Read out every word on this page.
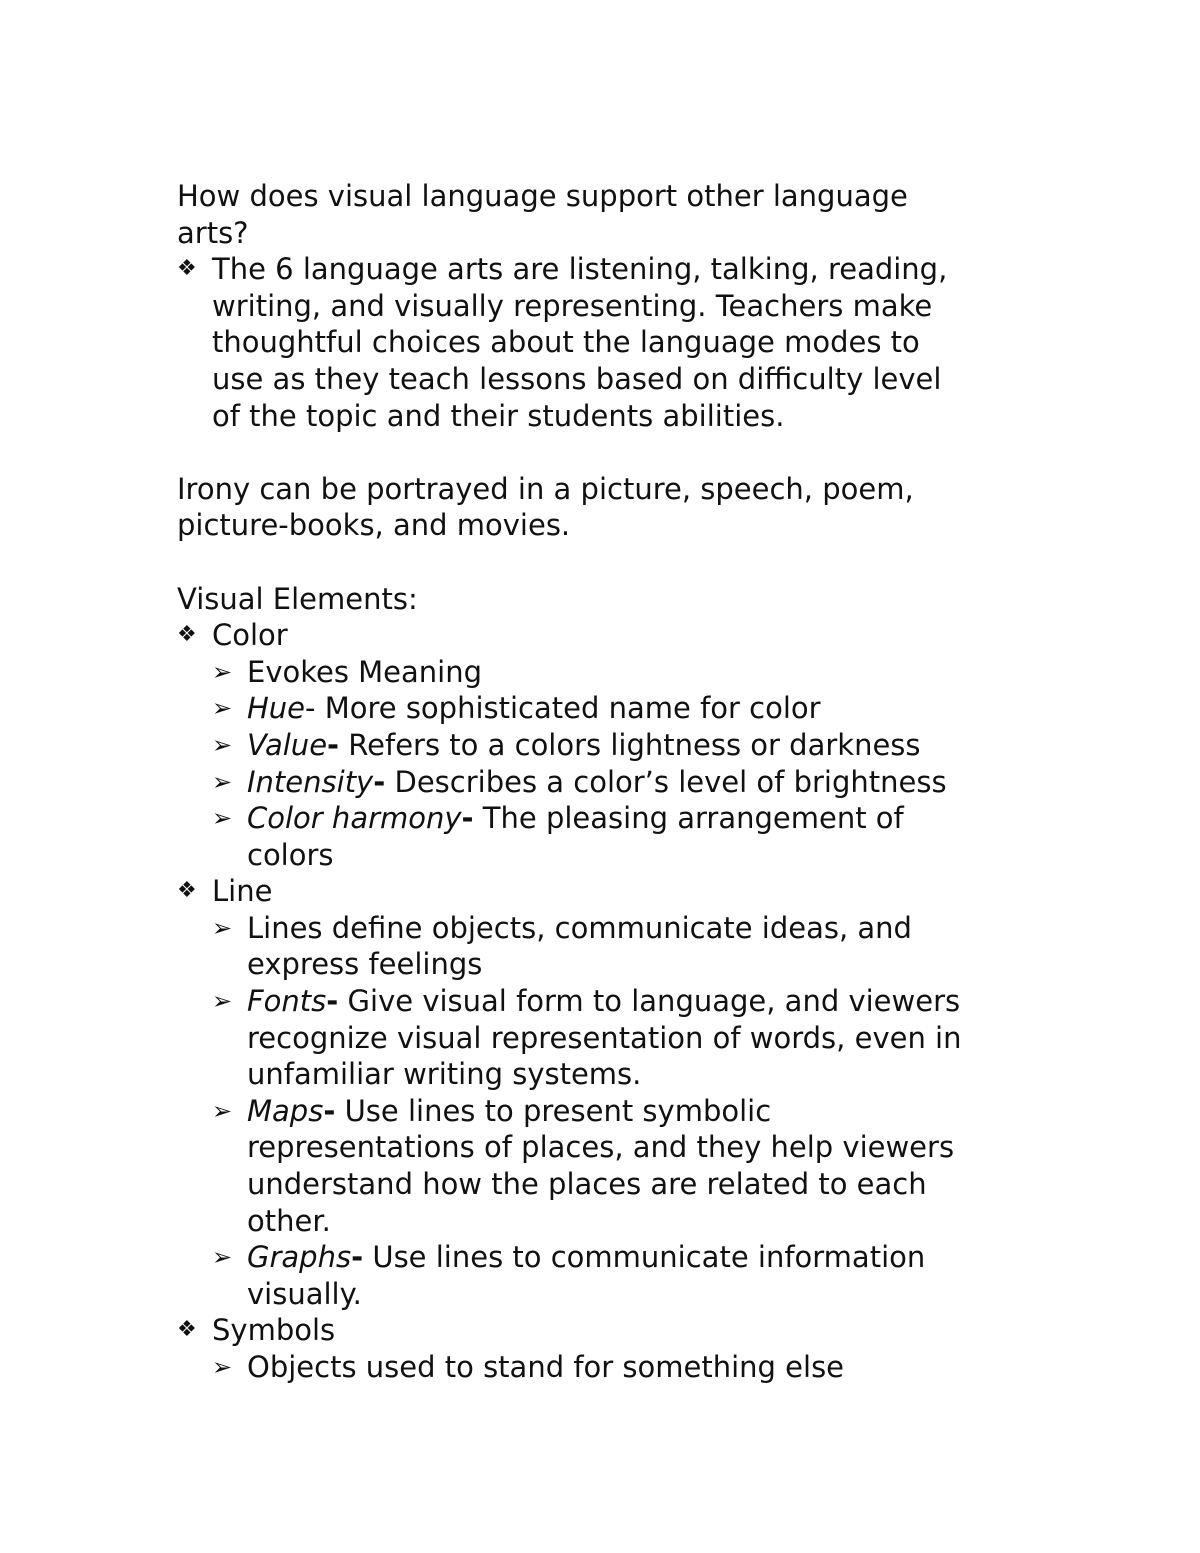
How does visual language support other language
arts?
❖ The 6 language arts are listening, talking, reading,
writing, and visually representing. Teachers make
thoughtful choices about the language modes to
use as they teach lessons based on difficulty level
of the topic and their students abilities.
Irony can be portrayed in a picture, speech, poem,
picture-books, and movies.
Visual Elements:
❖ Color
➢ Evokes Meaning
➢ Hue- More sophisticated name for color
➢ Value- Refers to a colors lightness or darkness
➢ Intensity- Describes a color’s level of brightness
➢ Color harmony- The pleasing arrangement of
colors
❖ Line
➢ Lines define objects, communicate ideas, and
express feelings
➢ Fonts- Give visual form to language, and viewers
recognize visual representation of words, even in
unfamiliar writing systems.
➢ Maps- Use lines to present symbolic
representations of places, and they help viewers
understand how the places are related to each
other.
➢ Graphs- Use lines to communicate information
visually.
❖ Symbols
➢ Objects used to stand for something else
